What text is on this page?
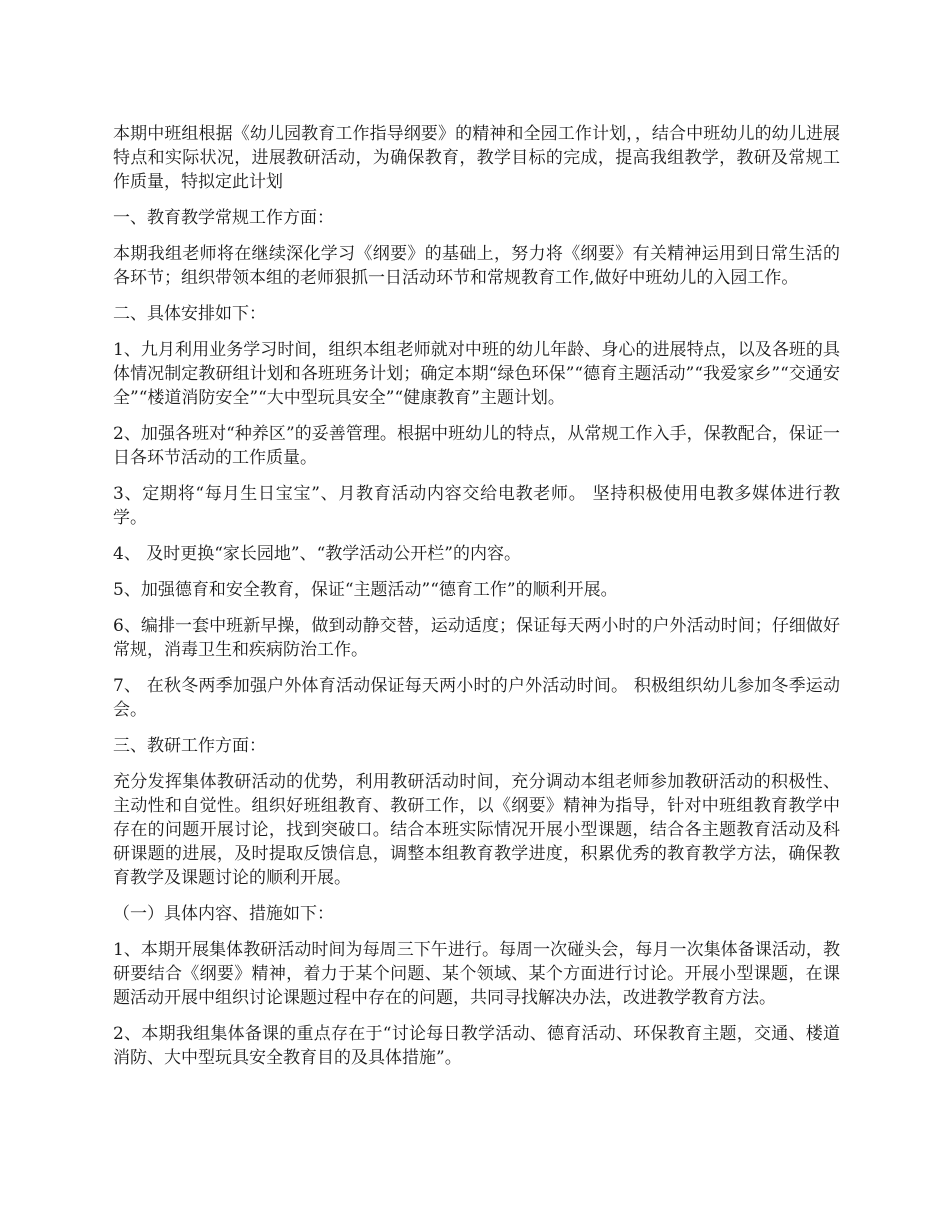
本期中班组根据《幼儿园教育工作指导纲要》的精神和全园工作计划，，结合中班幼儿的幼儿进展特点和实际状况，进展教研活动，为确保教育，教学目标的完成，提高我组教学，教研及常规工作质量，特拟定此计划

一、教育教学常规工作方面：

本期我组老师将在继续深化学习《纲要》的基础上，努力将《纲要》有关精神运用到日常生活的各环节；组织带领本组的老师狠抓一日活动环节和常规教育工作,做好中班幼儿的入园工作。

二、具体安排如下：

1、九月利用业务学习时间，组织本组老师就对中班的幼儿年龄、身心的进展特点，以及各班的具体情况制定教研组计划和各班班务计划；确定本期“绿色环保”“德育主题活动”“我爱家乡”“交通安全”“楼道消防安全”“大中型玩具安全”“健康教育”主题计划。

2、加强各班对“种养区”的妥善管理。根据中班幼儿的特点，从常规工作入手，保教配合，保证一日各环节活动的工作质量。

3、定期将“每月生日宝宝”、月教育活动内容交给电教老师。 坚持积极使用电教多媒体进行教学。

4、 及时更换“家长园地”、“教学活动公开栏”的内容。

5、加强德育和安全教育，保证“主题活动”“德育工作”的顺利开展。

6、编排一套中班新早操，做到动静交替，运动适度；保证每天两小时的户外活动时间；仔细做好常规，消毒卫生和疾病防治工作。

7、 在秋冬两季加强户外体育活动保证每天两小时的户外活动时间。 积极组织幼儿参加冬季运动会。

三、教研工作方面：

充分发挥集体教研活动的优势，利用教研活动时间，充分调动本组老师参加教研活动的积极性、主动性和自觉性。组织好班组教育、教研工作，以《纲要》精神为指导，针对中班组教育教学中存在的问题开展讨论，找到突破口。结合本班实际情况开展小型课题，结合各主题教育活动及科研课题的进展，及时提取反馈信息，调整本组教育教学进度，积累优秀的教育教学方法，确保教育教学及课题讨论的顺利开展。

（一）具体内容、措施如下：

1、本期开展集体教研活动时间为每周三下午进行。每周一次碰头会，每月一次集体备课活动，教研要结合《纲要》精神，着力于某个问题、某个领域、某个方面进行讨论。开展小型课题，在课题活动开展中组织讨论课题过程中存在的问题，共同寻找解决办法，改进教学教育方法。

2、本期我组集体备课的重点存在于“讨论每日教学活动、德育活动、环保教育主题，交通、楼道消防、大中型玩具安全教育目的及具体措施”。
